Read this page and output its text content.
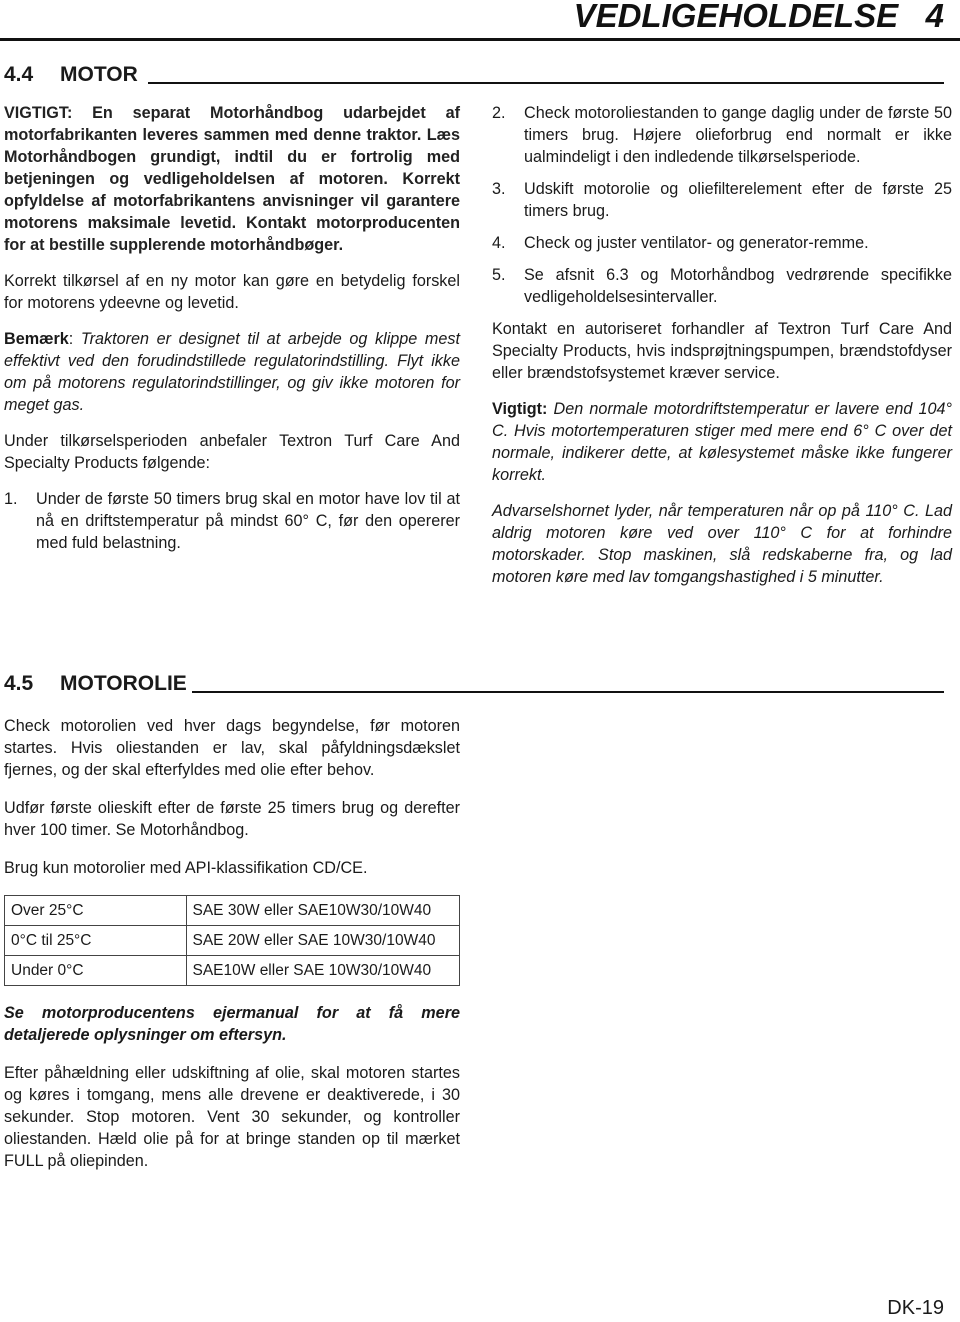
VEDLIGEHOLDELSE 4
4.4	MOTOR

VIGTIGT: En separat Motorhåndbog udarbejdet af motorfabrikanten leveres sammen med denne traktor. Læs Motorhåndbogen grundigt, indtil du er fortrolig med betjeningen og vedligeholdelsen af motoren. Korrekt opfyldelse af motorfabrikantens anvisninger vil garantere motorens maksimale levetid. Kontakt motorproducenten for at bestille supplerende motorhåndbøger.

Korrekt tilkørsel af en ny motor kan gøre en betydelig forskel for motorens ydeevne og levetid.

Bemærk: Traktoren er designet til at arbejde og klippe mest effektivt ved den forudindstillede regulatorindstilling. Flyt ikke om på motorens regulatorindstillinger, og giv ikke motoren for meget gas.

Under tilkørselsperioden anbefaler Textron Turf Care And Specialty Products følgende:

1.	Under de første 50 timers brug skal en motor have lov til at nå en driftstemperatur på mindst 60° C, før den opererer med fuld belastning.
2.	Check motoroliestanden to gange daglig under de første 50 timers brug. Højere olieforbrug end normalt er ikke ualmindeligt i den indledende tilkørselsperiode.
3.	Udskift motorolie og oliefilterelement efter de første 25 timers brug.
4.	Check og juster ventilator- og generator-remme.
5.	Se afsnit 6.3 og Motorhåndbog vedrørende specifikke vedligeholdelsesintervaller.

Kontakt en autoriseret forhandler af Textron Turf Care And Specialty Products, hvis indsprøjtningspumpen, brændstofdyser eller brændstofsystemet kræver service.

Vigtigt: Den normale motordriftstemperatur er lavere end 104° C. Hvis motortemperaturen stiger med mere end 6° C over det normale, indikerer dette, at kølesystemet måske ikke fungerer korrekt.

Advarselshornet lyder, når temperaturen når op på 110° C. Lad aldrig motoren køre ved over 110° C for at forhindre motorskader. Stop maskinen, slå redskaberne fra, og lad motoren køre med lav tomgangshastighed i 5 minutter.

4.5	MOTOROLIE

Check motorolien ved hver dags begyndelse, før motoren startes. Hvis oliestanden er lav, skal påfyldningsdækslet fjernes, og der skal efterfyldes med olie efter behov.

Udfør første olieskift efter de første 25 timers brug og derefter hver 100 timer. Se Motorhåndbog.

Brug kun motorolier med API-klassifikation CD/CE.

Over 25°C	SAE 30W eller SAE10W30/10W40
0°C til 25°C	SAE 20W eller SAE 10W30/10W40
Under 0°C	SAE10W eller SAE 10W30/10W40

Se motorproducentens ejermanual for at få mere detaljerede oplysninger om eftersyn.

Efter påhældning eller udskiftning af olie, skal motoren startes og køres i tomgang, mens alle drevene er deaktiverede, i 30 sekunder. Stop motoren. Vent 30 sekunder, og kontroller oliestanden. Hæld olie på for at bringe standen op til mærket FULL på oliepinden.

DK-19
